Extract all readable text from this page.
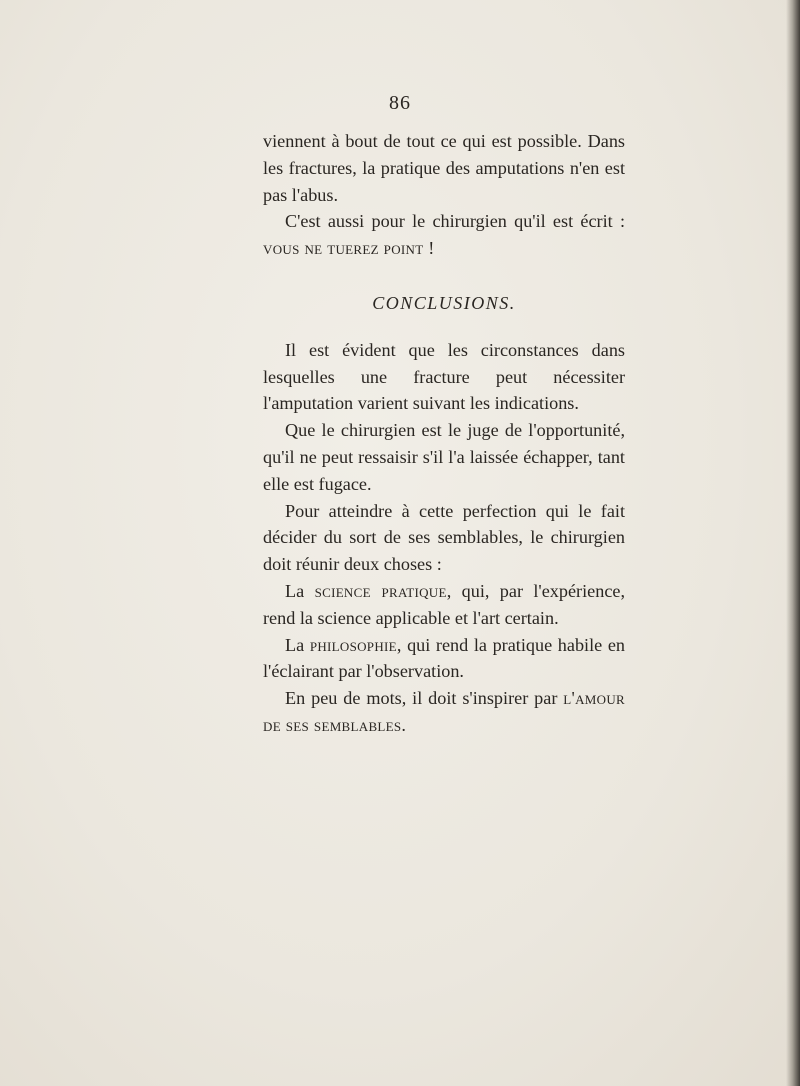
86

viennent à bout de tout ce qui est possible. Dans les fractures, la pratique des amputations n'en est pas l'abus.

C'est aussi pour le chirurgien qu'il est écrit : vous ne tuerez point !

CONCLUSIONS.

Il est évident que les circonstances dans lesquelles une fracture peut nécessiter l'amputation varient suivant les indications.

Que le chirurgien est le juge de l'opportunité, qu'il ne peut ressaisir s'il l'a laissée échapper, tant elle est fugace.

Pour atteindre à cette perfection qui le fait décider du sort de ses semblables, le chirurgien doit réunir deux choses :

La science pratique, qui, par l'expérience, rend la science applicable et l'art certain.

La philosophie, qui rend la pratique habile en l'éclairant par l'observation.

En peu de mots, il doit s'inspirer par l'amour de ses semblables.
